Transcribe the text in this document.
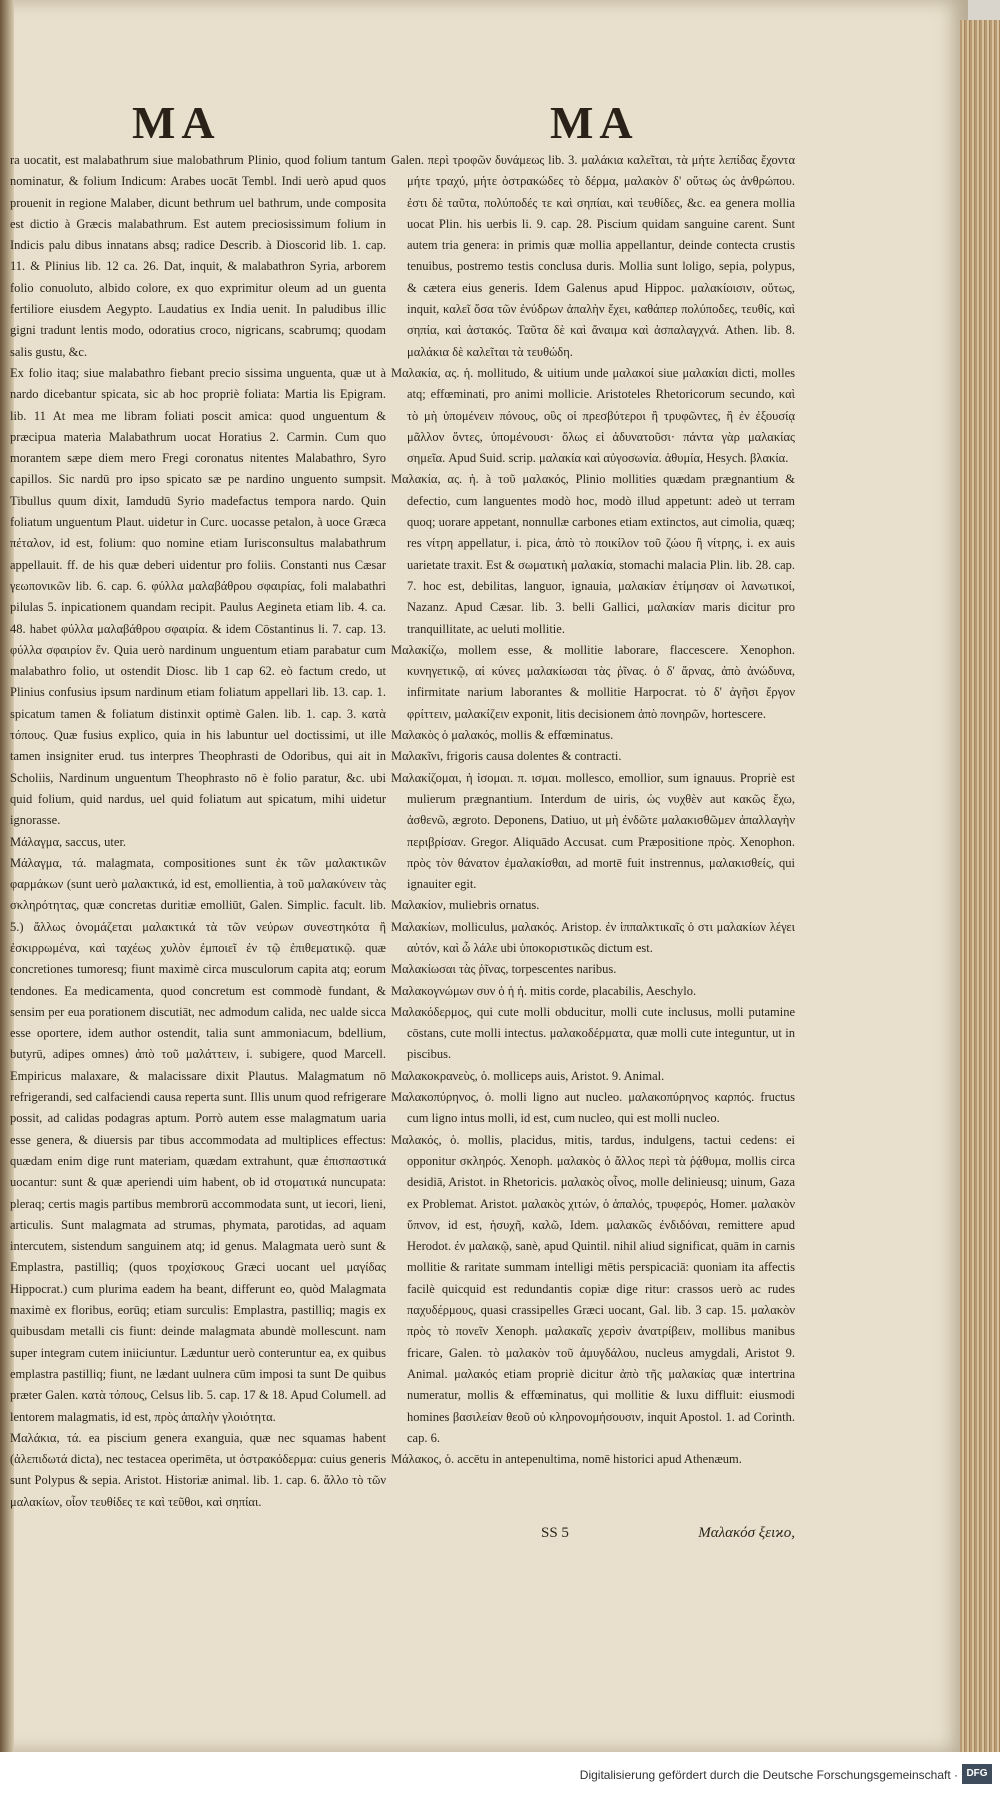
MA	MA

ra uocatit, est malabathrum siue malobathrum Plinio, quod folium tantum nominatur, & folium Indicum: Arabes uocāt Tembl. Indi uerò apud quos prouenit in regione Malaber, dicunt bethrum uel bathrum, unde composita est dictio à Græcis malabathrum. Est autem preciosissimum folium in Indicis palu dibus innatans absq; radice Describ. à Dioscorid lib. 1. cap. 11. & Plinius lib. 12 ca. 26. Dat, inquit, & malabathron Syria, arborem folio conuoluto, albido colore, ex quo exprimitur oleum ad un guenta fertiliore eiusdem Aegypto. Laudatius ex India uenit. In paludibus illic gigni tradunt lentis modo, odoratius croco, nigricans, scabrumq; quodam salis gustu, &c.

Ex folio itaq; siue malabathro fiebant precio sissima unguenta, quæ ut à nardo dicebantur spicata, sic ab hoc propriè foliata: Martia lis Epigram. lib. 11 At mea me libram foliati poscit amica: quod unguentum & præcipua materia Malabathrum uocat Horatius 2. Carmin. Cum quo morantem sæpe diem mero Fregi coronatus nitentes Malabathro, Syro capillos. Sic nardū pro ipso spicato sæ pe nardino unguento sumpsit. Tibullus quum dixit, Iamdudū Syrio madefactus tempora nardo. Quin foliatum unguentum Plaut. uidetur in Curc. uocasse petalon, à uoce Græca πέταλον, id est, folium: quo nomine etiam Iurisconsultus malabathrum appellauit. ff. de his quæ deberi uidentur pro foliis. Constanti nus Cæsar γεωπονικῶν lib. 6. cap. 6. φύλλα μαλαβάθρου σφαιρίας, foli malabathri pilulas 5. inpicationem quandam recipit. Paulus Aegineta etiam lib. 4. ca. 48. habet φύλλα μαλαβάθρου σφαιρία. & idem Cōstantinus li. 7. cap. 13. φύλλα σφαιρίον ἕν. Quia uerò nardinum unguentum etiam parabatur cum malabathro folio, ut ostendit Diosc. lib 1 cap 62. eò factum credo, ut Plinius confusius ipsum nardinum etiam foliatum appellari lib. 13. cap. 1. spicatum tamen & foliatum distinxit optimè Galen. lib. 1. cap. 3. κατὰ τόπους. Quæ fusius explico, quia in his labuntur uel doctissimi, ut ille tamen insigniter erud. tus interpres Theophrasti de Odoribus, qui ait in Scholiis, Nardinum unguentum Theophrasto nō è folio paratur, &c. ubi quid folium, quid nardus, uel quid foliatum aut spicatum, mihi uidetur ignorasse.

Μάλαγμα, saccus, uter.

Μάλαγμα, τά. malagmata, compositiones sunt ἐκ τῶν μαλακτικῶν φαρμάκων (sunt uerò μαλακτικά, id est, emollientia, à τοῦ μαλακύνειν τὰς σκληρότητας, quæ concretas duritiæ emolliūt, Galen. Simplic. facult. lib. 5.) ἄλλως ὀνομάζεται μαλακτικά τὰ τῶν νεύρων συνεστηκότα ἢ ἐσκιρρωμένα, καὶ ταχέως χυλὸν ἐμποιεῖ ἐν τῷ ἐπιθεματικῷ. quæ concretiones tumoresq; fiunt maximè circa musculorum capita atq; eorum tendones. Ea medicamenta, quod concretum est commodè fundant, & sensim per eua porationem discutiāt, nec admodum calida, nec ualde sicca esse oportere, idem author ostendit, talia sunt ammoniacum, bdellium, butyrū, adipes omnes) ἀπὸ τοῦ μαλάττειν, i. subigere, quod Marcell. Empiricus malaxare, & malacissare dixit Plautus. Malagmatum nō refrigerandi, sed calfaciendi causa reperta sunt. Illis unum quod refrigerare possit, ad calidas podagras aptum. Porrò autem esse malagmatum uaria esse genera, & diuersis par tibus accommodata ad multiplices effectus: quædam enim dige runt materiam, quædam extrahunt, quæ ἐπισπαστικά uocantur: sunt & quæ aperiendi uim habent, ob id στοματικά nuncupata: pleraq; certis magis partibus membrorū accommodata sunt, ut iecori, lieni, articulis. Sunt malagmata ad strumas, phymata, parotidas, ad aquam intercutem, sistendum sanguinem atq; id genus. Malagmata uerò sunt & Emplastra, pastilliq; (quos τροχίσκους Græci uocant uel μαγίδας Hippocrat.) cum plurima eadem ha beant, differunt eo, quòd Malagmata maximè ex floribus, eorūq; etiam surculis: Emplastra, pastilliq; magis ex quibusdam metalli cis fiunt: deinde malagmata abundè mollescunt. nam super integram cutem iniiciuntur. Læduntur uerò conteruntur ea, ex quibus emplastra pastilliq; fiunt, ne lædant uulnera cūm imposi ta sunt De quibus præter Galen. κατὰ τόπους, Celsus lib. 5. cap. 17 & 18. Apud Columell. ad lentorem malagmatis, id est, πρὸς ἀπαλὴν γλοιότητα.

Μαλάκια, τά. ea piscium genera exanguia, quæ nec squamas habent (ἀλεπιδωτά dicta), nec testacea operimēta, ut ὀστρακόδερμα: cuius generis sunt Polypus & sepia. Aristot. Historiæ animal. lib. 1. cap. 6. ἄλλο τὸ τῶν μαλακίων, οἷον τευθίδες τε καὶ τεῦθοι, καὶ σηπίαι.

Galen. περὶ τροφῶν δυνάμεως lib. 3. μαλάκια καλεῖται, τὰ μήτε λεπίδας ἔχοντα μήτε τραχύ, μήτε ὀστρακώδες τὸ δέρμα, μαλακὸν δ' οὕτως ὡς ἀνθρώπου. ἐστι δὲ ταῦτα, πολύποδές τε καὶ σηπίαι, καὶ τευθίδες, &c. ea genera mollia uocat Plin. his uerbis li. 9. cap. 28. Piscium quidam sanguine carent. Sunt autem tria genera: in primis quæ mollia appellantur, deinde contecta crustis tenuibus, postremo testis conclusa duris. Mollia sunt loligo, sepia, polypus, & cætera eius generis. Idem Galenus apud Hippoc. μαλακίοισιν, οὕτως, inquit, καλεῖ ὅσα τῶν ἐνύδρων ἀπαλὴν ἔχει, καθάπερ πολύποδες, τευθίς, καὶ σηπία, καὶ ἀστακός. Ταῦτα δὲ καὶ ἄναιμα καὶ ἀσπαλαγχνά. Athen. lib. 8. μαλάκια δὲ καλεῖται τὰ τευθώδη.

Μαλακία, ας. ἡ. mollitudo, & uitium unde μαλακοί siue μαλακίαι dicti, molles atq; effœminati, pro animi mollicie. Aristoteles Rhetoricorum secundo, καὶ τὸ μὴ ὑπομένειν πόνους, οὓς οἱ πρεσβύτεροι ἢ τρυφῶντες, ἢ ἐν ἐξουσίᾳ μᾶλλον ὄντες, ὑπομένουσι· ὅλως εἰ ἀδυνατοῦσι· πάντα γὰρ μαλακίας σημεῖα. Apud Suid. scrip. μαλακία καὶ αὐγοσωνία. ἀθυμία, Hesych. βλακία.

Μαλακία, ας. ἡ. à τοῦ μαλακός, Plinio mollities quædam prægnantium & defectio, cum languentes modò hoc, modò illud appetunt: adeò ut terram quoq; uorare appetant, nonnullæ carbones etiam extinctos, aut cimolia, quæq; res νίτρη appellatur, i. pica, ἀπὸ τὸ ποικίλον τοῦ ζώου ἢ νίτρης, i. ex auis uarietate traxit. Est & σωματικὴ μαλακία, stomachi malacia Plin. lib. 28. cap. 7. hoc est, debilitas, languor, ignauia, μαλακίαν ἐτίμησαν οἱ λανωτικοί, Nazanz. Apud Cæsar. lib. 3. belli Gallici, μαλακίαν maris dicitur pro tranquillitate, ac ueluti mollitie.

Μαλακίζω, mollem esse, & mollitie laborare, flaccescere. Xenophon. κυνηγετικῷ, αἱ κύνες μαλακίωσαι τὰς ῥῖνας. ὁ δ' ἄρνας, ἀπὸ ἀνώδυνα, infirmitate narium laborantes & mollitie Harpocrat. τὸ δ' ἀγῆσι ἔργον φρίττειν, μαλακίζειν exponit, litis decisionem ἀπὸ πονηρῶν, hortescere.

Μαλακὸς ὁ μαλακός, mollis & effœminatus.

Μαλακῖνι, frigoris causa dolentes & contracti.

Μαλακίζομαι, ἡ ἰσομαι. π. ισμαι. mollesco, emollior, sum ignauus. Propriè est mulierum prægnantium. Interdum de uiris, ὡς νυχθὲν aut κακῶς ἔχω, ἀσθενῶ, ægroto. Deponens, Datiuo, ut μὴ ἐνδῶτε μαλακισθῶμεν ἀπαλλαγὴν περιβρίσαν. Gregor. Aliquādo Accusat. cum Præpositione πρὸς. Xenophon. πρὸς τὸν θάνατον ἐμαλακίσθαι, ad mortē fuit instrennus, μαλακισθείς, qui ignauiter egit.

Μαλακίον, muliebris ornatus.

Μαλακίων, molliculus, μαλακός. Aristop. ἐν ἱππαλκτικαῖς ὁ στι μαλακίων λέγει αὐτόν, καὶ ὦ λάλε ubi ὑποκοριστικῶς dictum est.

Μαλακίωσαι τὰς ῥῖνας, torpescentes naribus.

Μαλακογνώμων συν ὁ ἡ ἡ. mitis corde, placabilis, Aeschylo.

Μαλακόδερμος, qui cute molli obducitur, molli cute inclusus, molli putamine cōstans, cute molli intectus. μαλακοδέρματα, quæ molli cute integuntur, ut in piscibus.

Μαλακοκρανεὺς, ὁ. molliceps auis, Aristot. 9. Animal.

Μαλακοπύρηνος, ὁ. molli ligno aut nucleo. μαλακοπύρηνος καρπός. fructus cum ligno intus molli, id est, cum nucleo, qui est molli nucleo.

Μαλακός, ὁ. mollis, placidus, mitis, tardus, indulgens, tactui cedens: ei opponitur σκληρός. Xenoph. μαλακὸς ὁ ἄλλος περὶ τὰ ῥᾴθυμα, mollis circa desidiā, Aristot. in Rhetoricis. μαλακὸς οἶνος, molle delinieusq; uinum, Gaza ex Problemat. Aristot. μαλακὸς χιτών, ὁ ἁπαλός, τρυφερός, Homer. μαλακὸν ὕπνον, id est, ἡσυχῆ, καλῶ, Idem. μαλακῶς ἐνδιδόναι, remittere apud Herodot. ἐν μαλακῷ, sanè, apud Quintil. nihil aliud significat, quām in carnis mollitie & raritate summam intelligi mētis perspicaciā: quoniam ita affectis facilè quicquid est redundantis copiæ dige ritur: crassos uerò ac rudes παχυδέρμους, quasi crassipelles Græci uocant, Gal. lib. 3 cap. 15. μαλακὸν πρὸς τὸ πονεῖν Xenoph. μαλακαῖς χερσὶν ἀνατρίβειν, mollibus manibus fricare, Galen. τὸ μαλακὸν τοῦ ἀμυγδάλου, nucleus amygdali, Aristot 9. Animal. μαλακός etiam propriè dicitur ἀπὸ τῆς μαλακίας quæ intertrina numeratur, mollis & effœminatus, qui mollitie & luxu diffluit: eiusmodi homines βασιλείαν θεοῦ οὐ κληρονομήσουσιν, inquit Apostol. 1. ad Corinth. cap. 6.

Μάλακος, ὁ. accētu in antepenultima, nomē historici apud Athenæum.

SS 5	Μαλακόσ ξειϰο,
Digitalisierung gefördert durch die Deutsche Forschungsgemeinschaft · DFG
